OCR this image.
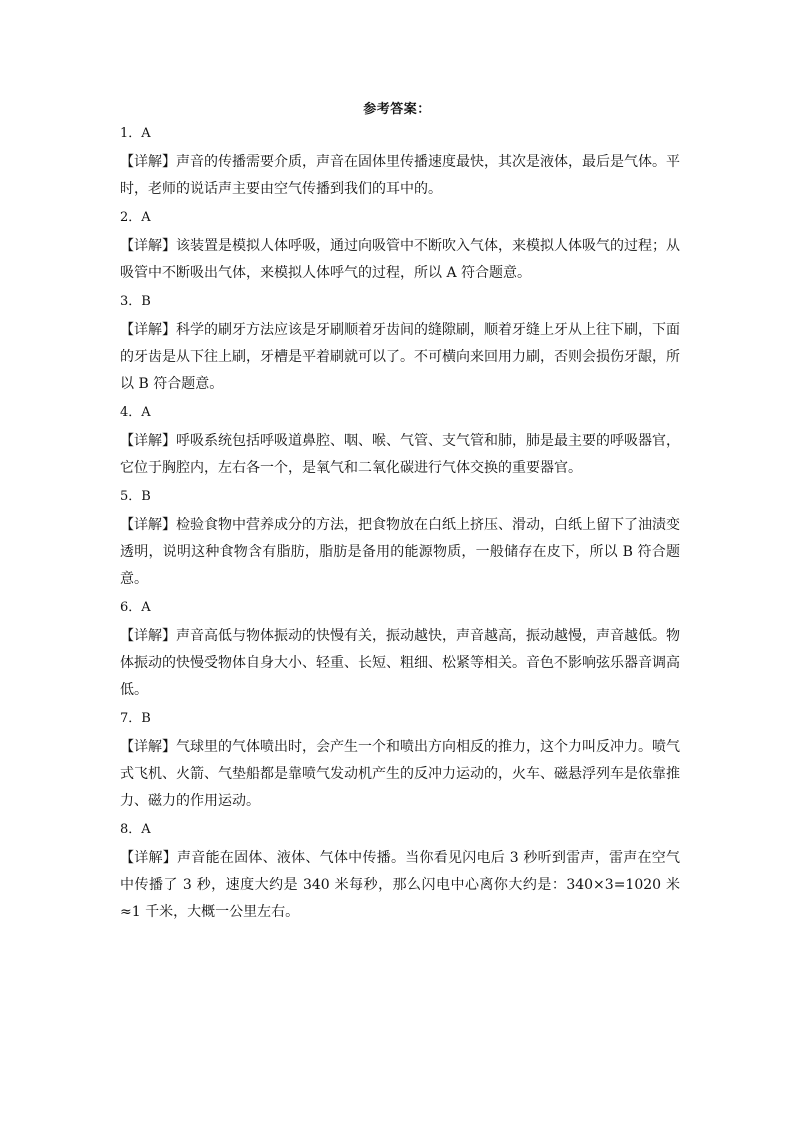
参考答案：
1．A
【详解】声音的传播需要介质，声音在固体里传播速度最快，其次是液体，最后是气体。平时，老师的说话声主要由空气传播到我们的耳中的。
2．A
【详解】该装置是模拟人体呼吸，通过向吸管中不断吹入气体，来模拟人体吸气的过程；从吸管中不断吸出气体，来模拟人体呼气的过程，所以 A 符合题意。
3．B
【详解】科学的刷牙方法应该是牙刷顺着牙齿间的缝隙刷，顺着牙缝上牙从上往下刷，下面的牙齿是从下往上刷，牙槽是平着刷就可以了。不可横向来回用力刷，否则会损伤牙龈，所以 B 符合题意。
4．A
【详解】呼吸系统包括呼吸道鼻腔、咽、喉、气管、支气管和肺，肺是最主要的呼吸器官，它位于胸腔内，左右各一个，是氧气和二氧化碳进行气体交换的重要器官。
5．B
【详解】检验食物中营养成分的方法，把食物放在白纸上挤压、滑动，白纸上留下了油渍变透明，说明这种食物含有脂肪，脂肪是备用的能源物质，一般储存在皮下，所以 B 符合题意。
6．A
【详解】声音高低与物体振动的快慢有关，振动越快，声音越高，振动越慢，声音越低。物体振动的快慢受物体自身大小、轻重、长短、粗细、松紧等相关。音色不影响弦乐器音调高低。
7．B
【详解】气球里的气体喷出时，会产生一个和喷出方向相反的推力，这个力叫反冲力。喷气式飞机、火箭、气垫船都是靠喷气发动机产生的反冲力运动的，火车、磁悬浮列车是依靠推力、磁力的作用运动。
8．A
【详解】声音能在固体、液体、气体中传播。当你看见闪电后 3 秒听到雷声，雷声在空气中传播了 3 秒，速度大约是 340 米每秒，那么闪电中心离你大约是：340×3=1020 米≈1 千米，大概一公里左右。
